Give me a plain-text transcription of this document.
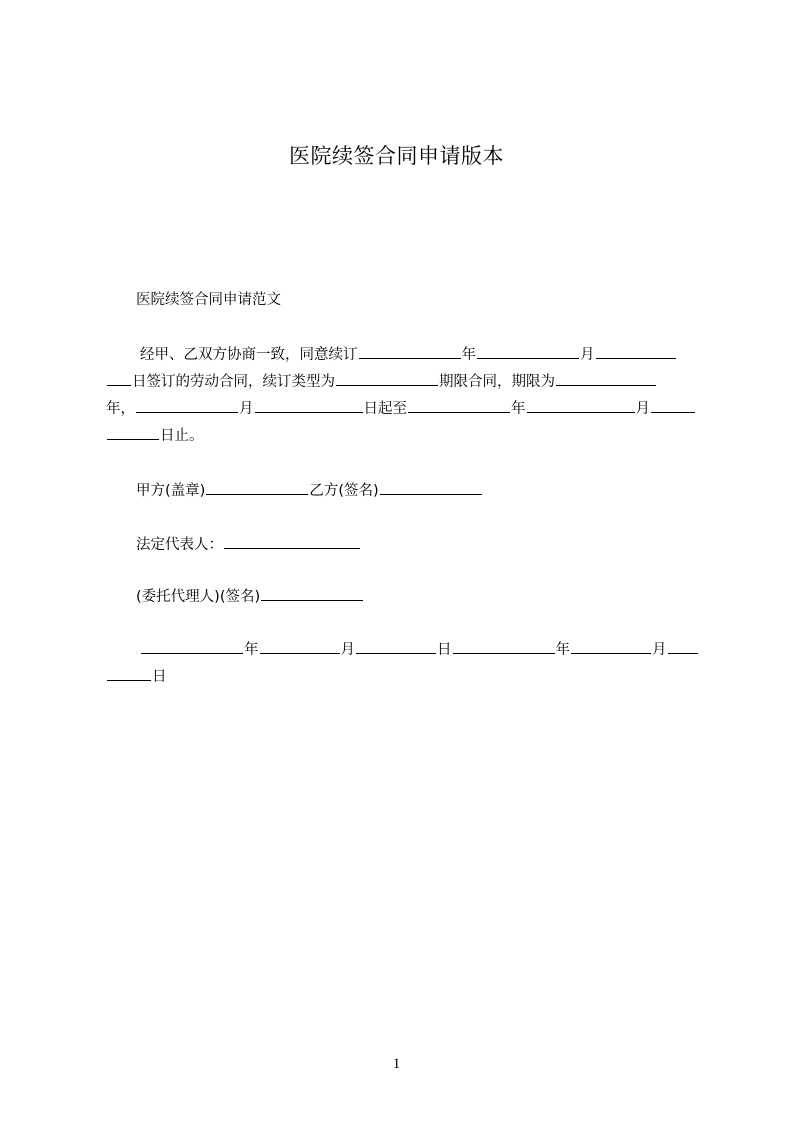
医院续签合同申请版本
医院续签合同申请范文
经甲、乙双方协商一致，同意续订	年	月
日签订的劳动合同，续订类型为	期限合同，期限为
年，	月	日起至	年	月
日止。
甲方(盖章)	乙方(签名)
法定代表人：
(委托代理人)(签名)
年	月	日	年	月
日
1
